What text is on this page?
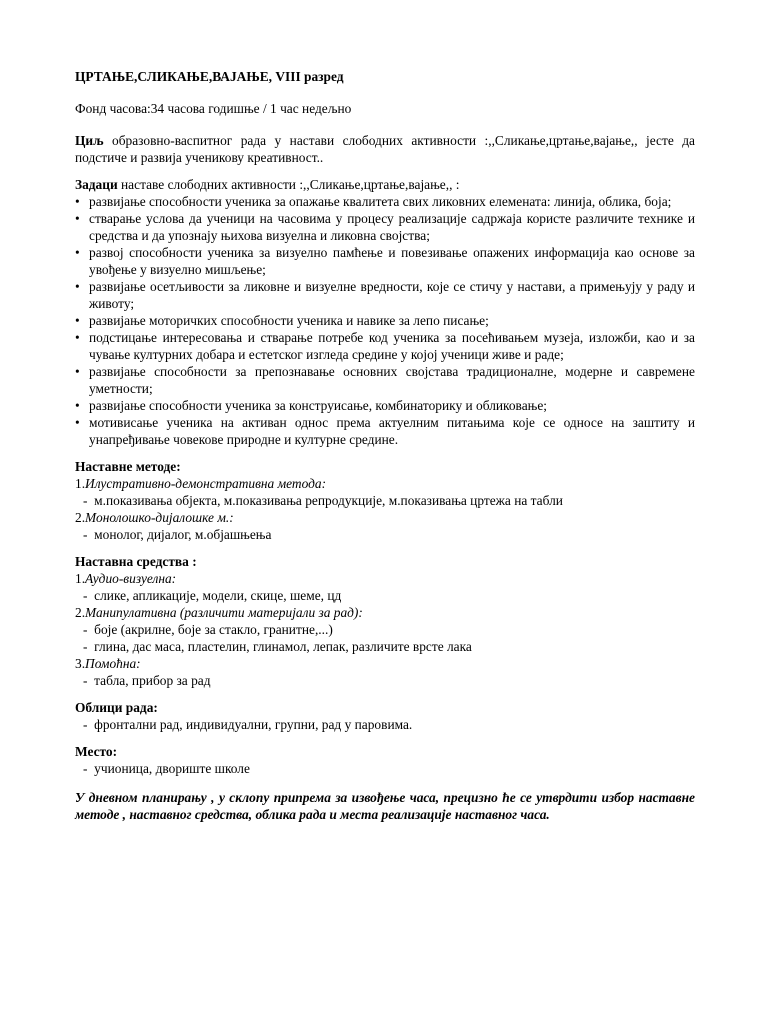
ЦРТАЊЕ,СЛИКАЊЕ,ВАЈАЊЕ, VIII разред

Фонд часова:34 часова годишње / 1 час недељно

Циљ образовно-васпитног рада у настави слободних активности :,,Сликање,цртање,вајање,, јесте да подстиче и развија ученикову креативност..

Задаци наставе слободних активности :,,Сликање,цртање,вајање,, :

• развијање способности ученика за опажање квалитета свих ликовних елемената: линија, облика, боја;
• стварање услова да ученици на часовима у процесу реализације садржаја користе различите технике и средства и да упознају њихова визуелна и ликовна својства;
• развој способности ученика за визуелно памћење и повезивање опажених информација као основе за увођење у визуелно мишљење;
• развијање осетљивости за ликовне и визуелне вредности, које се стичу у настави, а примењују у раду и животу;
• развијање моторичких способности ученика и навике за лепо писање;
• подстицање интересовања и стварање потребе код ученика за посећивањем музеја, изложби, као и за чување културних добара и естетског изгледа средине у којој ученици живе и раде;
• развијање способности за препознавање основних својстава традиционалне, модерне и савремене уметности;
• развијање способности ученика за конструисање, комбинаторику и обликовање;
• мотивисање ученика на активан однос према актуелним питањима које се односе на заштиту и унапређивање човекове природне и културне средине.

Наставне методе:

1.Илустративно-демонстративна метода:

-  м.показивања објекта, м.показивања репродукције, м.показивања цртежа на табли

2.Монолошко-дијалошке м.:

-  монолог, дијалог, м.објашњења

Наставна средства :

1.Аудио-визуелна:

-  слике, апликације, модели, скице, шеме, цд

2.Манипулативна (различити материјали за рад):

-  боје (акрилне, боје за стакло, гранитне,...)

-  глина, дас маса, пластелин, глинамол, лепак, различите врсте лака

3.Помоћна:

-  табла, прибор за рад

Облици рада:

-  фронтални рад, индивидуални, групни, рад у паровима.

Место:

-  учионица, двориште школе

У дневном планирању , у склопу припрема за извођење часа, прецизно ће се утврдити избор наставне методе , наставног средства, облика рада и места реализације наставног часа.
